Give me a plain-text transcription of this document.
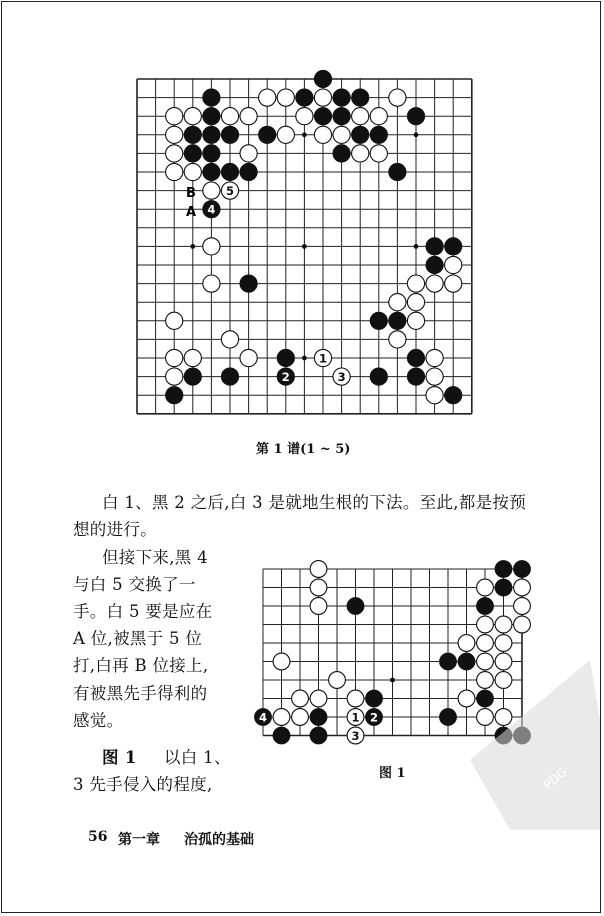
5
4
1
2	3
B
A
第 1 谱(1 ~ 5)
白 1、黑 2 之后,白 3 是就地生根的下法。至此,都是按预
想的进行。
但接下来,黑 4
与白 5 交换了一
手。白 5 要是应在
A 位,被黑于 5 位
打,白再 B 位接上,
有被黑先手得利的
感觉。
图 1 以白 1、
3 先手侵入的程度,
4	1 2
3
图 1
56 第一章 治孤的基础
PDG
